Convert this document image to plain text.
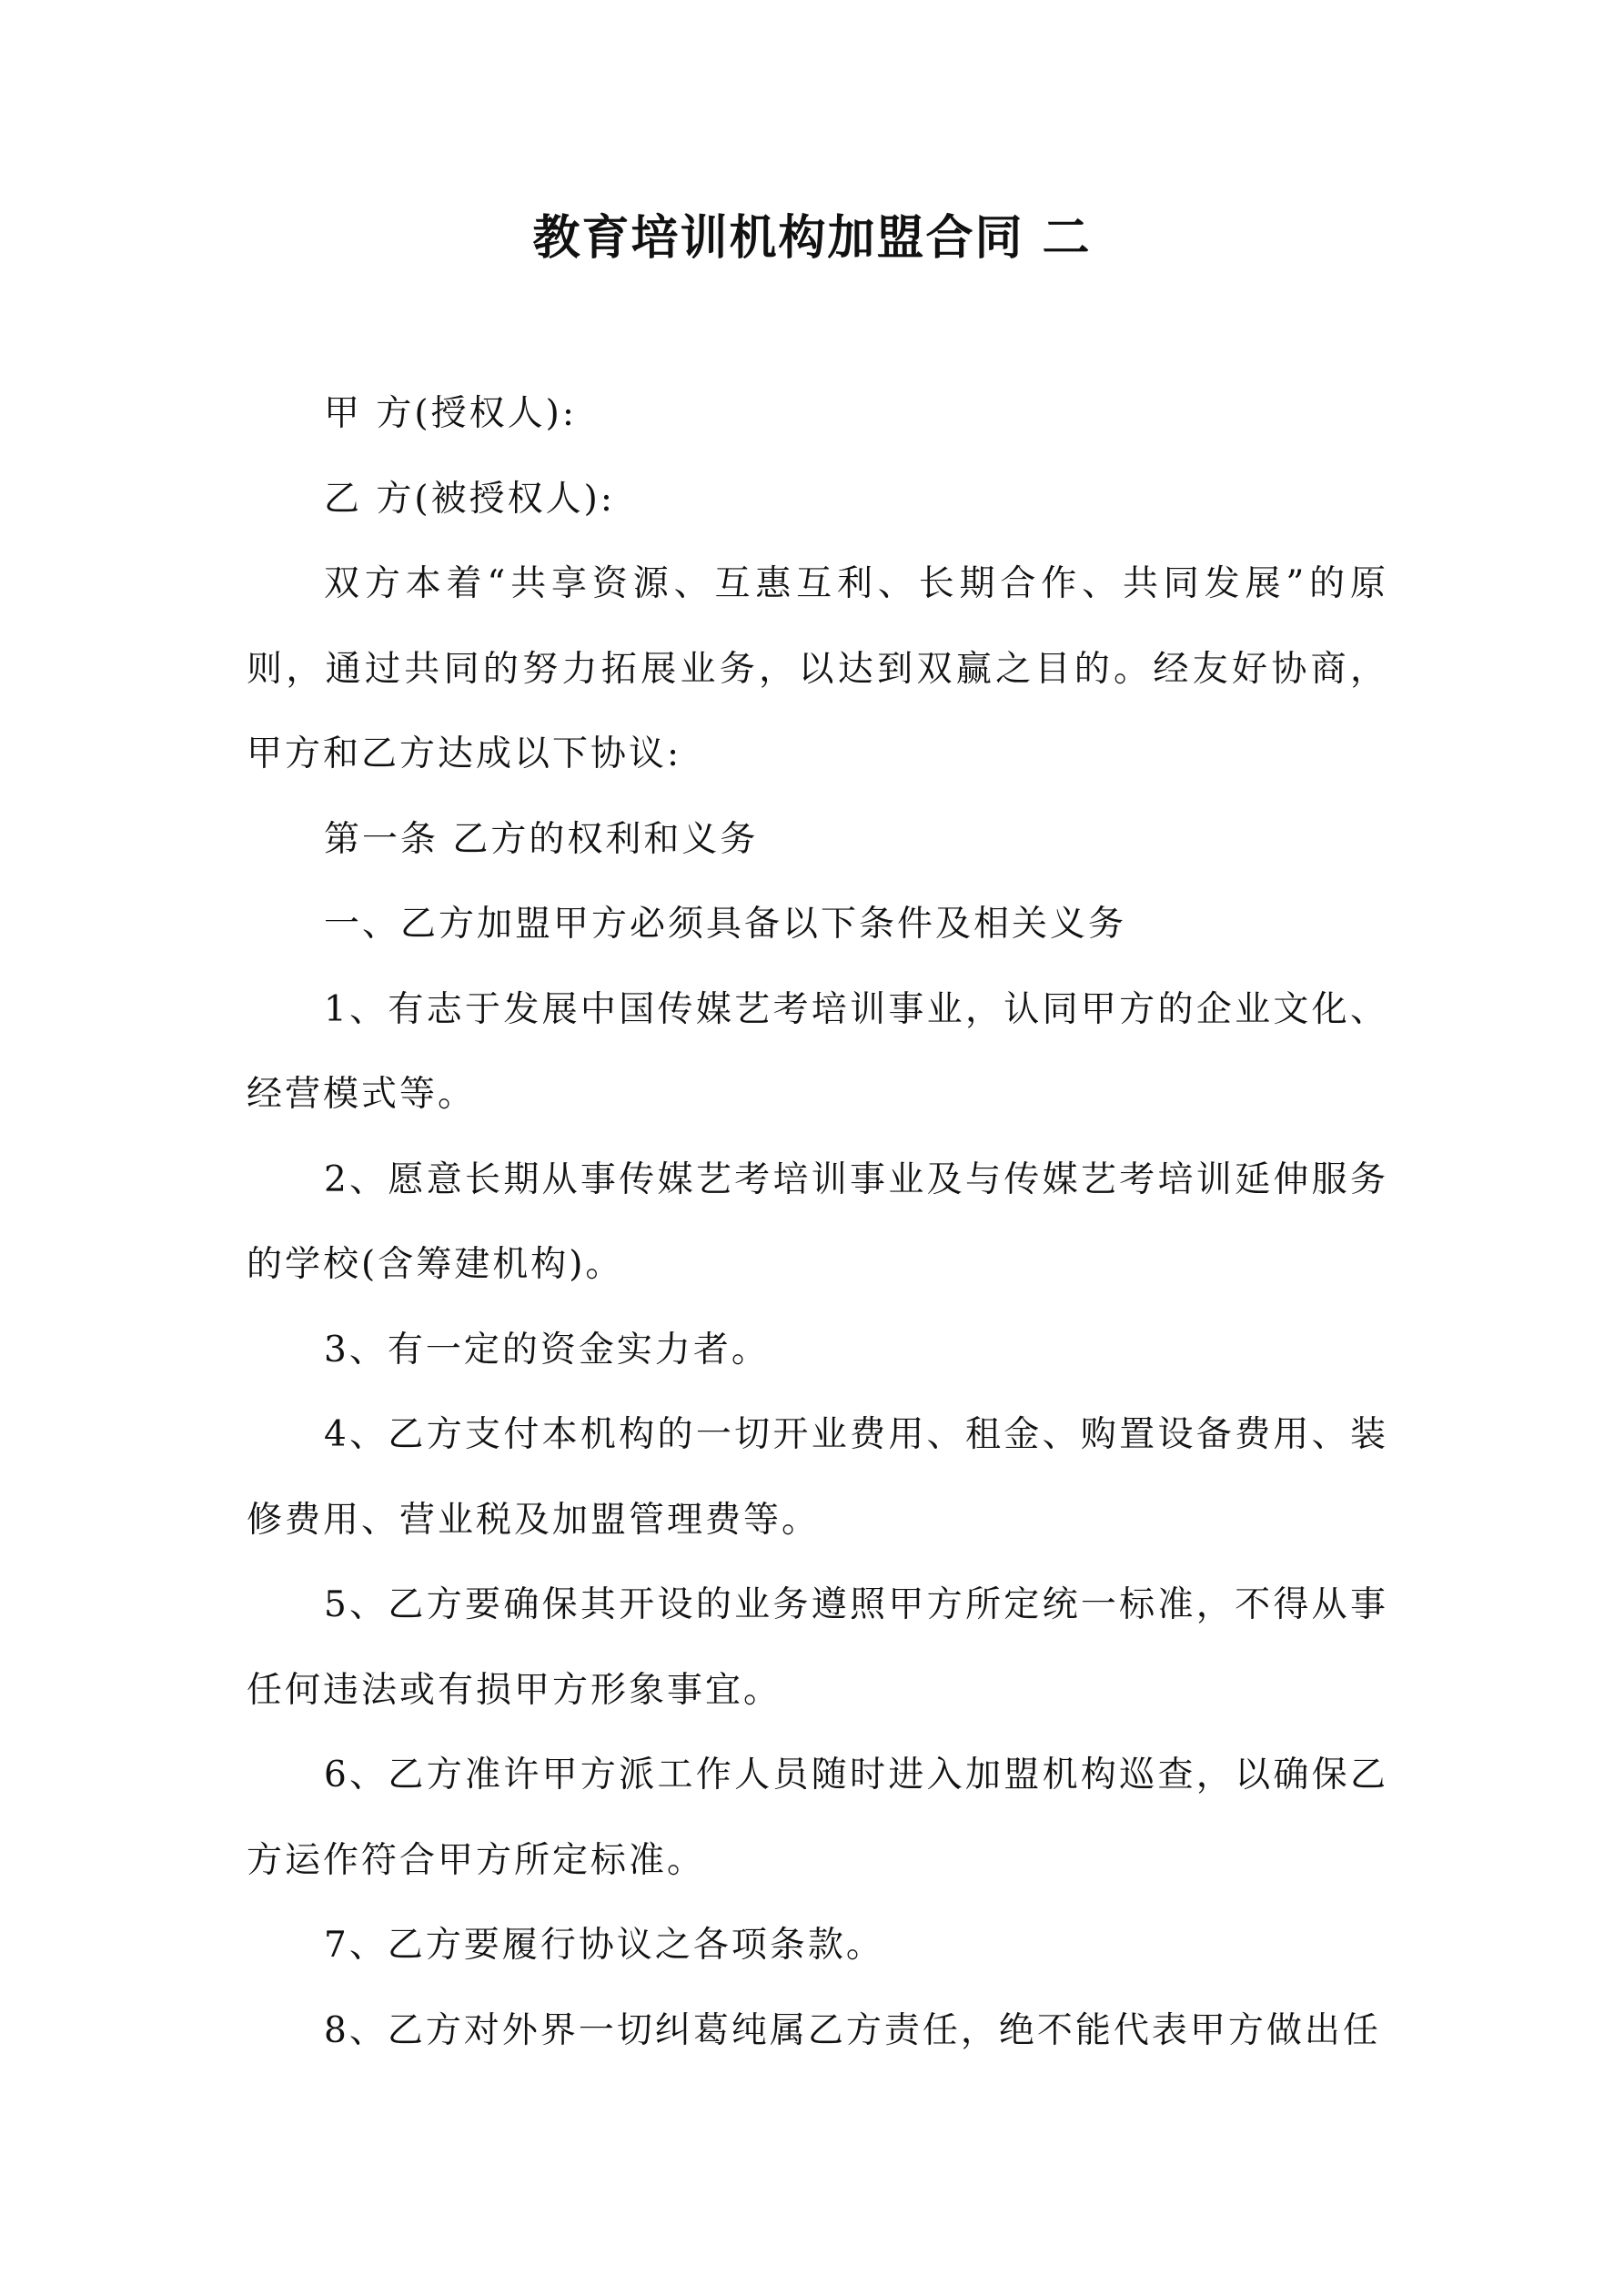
教育培训机构加盟合同 二

甲 方(授权人):

乙 方(被授权人):

双方本着“共享资源、互惠互利、长期合作、共同发展”的原则，通过共同的努力拓展业务，以达到双赢之目的。经友好协商，甲方和乙方达成以下协议:

第一条 乙方的权利和义务

一、乙方加盟甲方必须具备以下条件及相关义务

1、有志于发展中国传媒艺考培训事业，认同甲方的企业文化、经营模式等。

2、愿意长期从事传媒艺考培训事业及与传媒艺考培训延伸服务的学校(含筹建机构)。

3、有一定的资金实力者。

4、乙方支付本机构的一切开业费用、租金、购置设备费用、装修费用、营业税及加盟管理费等。

5、乙方要确保其开设的业务遵照甲方所定统一标准，不得从事任何违法或有损甲方形象事宜。

6、乙方准许甲方派工作人员随时进入加盟机构巡查，以确保乙方运作符合甲方所定标准。

7、乙方要履行协议之各项条款。

8、乙方对外界一切纠葛纯属乙方责任，绝不能代表甲方做出任
